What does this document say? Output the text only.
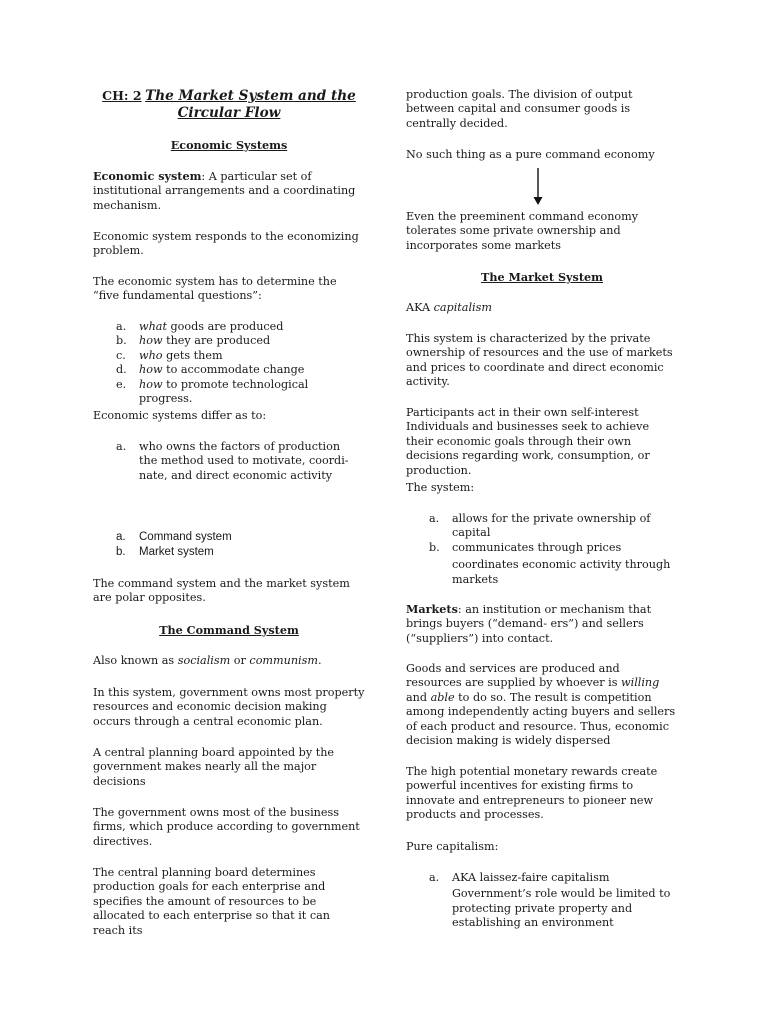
CH: 2 The Market System and the
Circular Flow

Economic Systems

Economic system: A particular set of institutional arrangements and a coordinating mechanism.

Economic system responds to the economizing problem.

The economic system has to determine the “five fundamental questions”:

a. what goods are produced
b. how they are produced
c. who gets them
d. how to accommodate change
e. how to promote technological progress.

Economic systems differ as to:

a. who owns the factors of production
the method used to motivate, coordi-nate, and direct economic activity
a. Command system
b. Market system

The command system and the market system are polar opposites.

The Command System

Also known as socialism or communism.

In this system, government owns most property resources and economic decision making occurs through a central economic plan.

A central planning board appointed by the government makes nearly all the major decisions

The government owns most of the business firms, which produce according to government directives.

The central planning board determines production goals for each enterprise and specifies the amount of resources to be allocated to each enterprise so that it can reach its

production goals. The division of output between capital and consumer goods is centrally decided.

No such thing as a pure command economy

Even the preeminent command economy tolerates some private ownership and incorporates some markets

The Market System

AKA capitalism

This system is characterized by the private ownership of resources and the use of markets and prices to coordinate and direct economic activity.

Participants act in their own self-interest Individuals and businesses seek to achieve their economic goals through their own decisions regarding work, consumption, or production.

The system:

a. allows for the private ownership of capital
b. communicates through prices
coordinates economic activity through markets

Markets: an institution or mechanism that brings buyers (“demand- ers”) and sellers (“suppliers”) into contact.

Goods and services are produced and resources are supplied by whoever is willing and able to do so. The result is competition among independently acting buyers and sellers of each product and resource. Thus, economic decision making is widely dispersed

The high potential monetary rewards create powerful incentives for existing firms to innovate and entrepreneurs to pioneer new products and processes.

Pure capitalism:

a. AKA laissez-faire capitalism
Government’s role would be limited to protecting private property and establishing an environment
